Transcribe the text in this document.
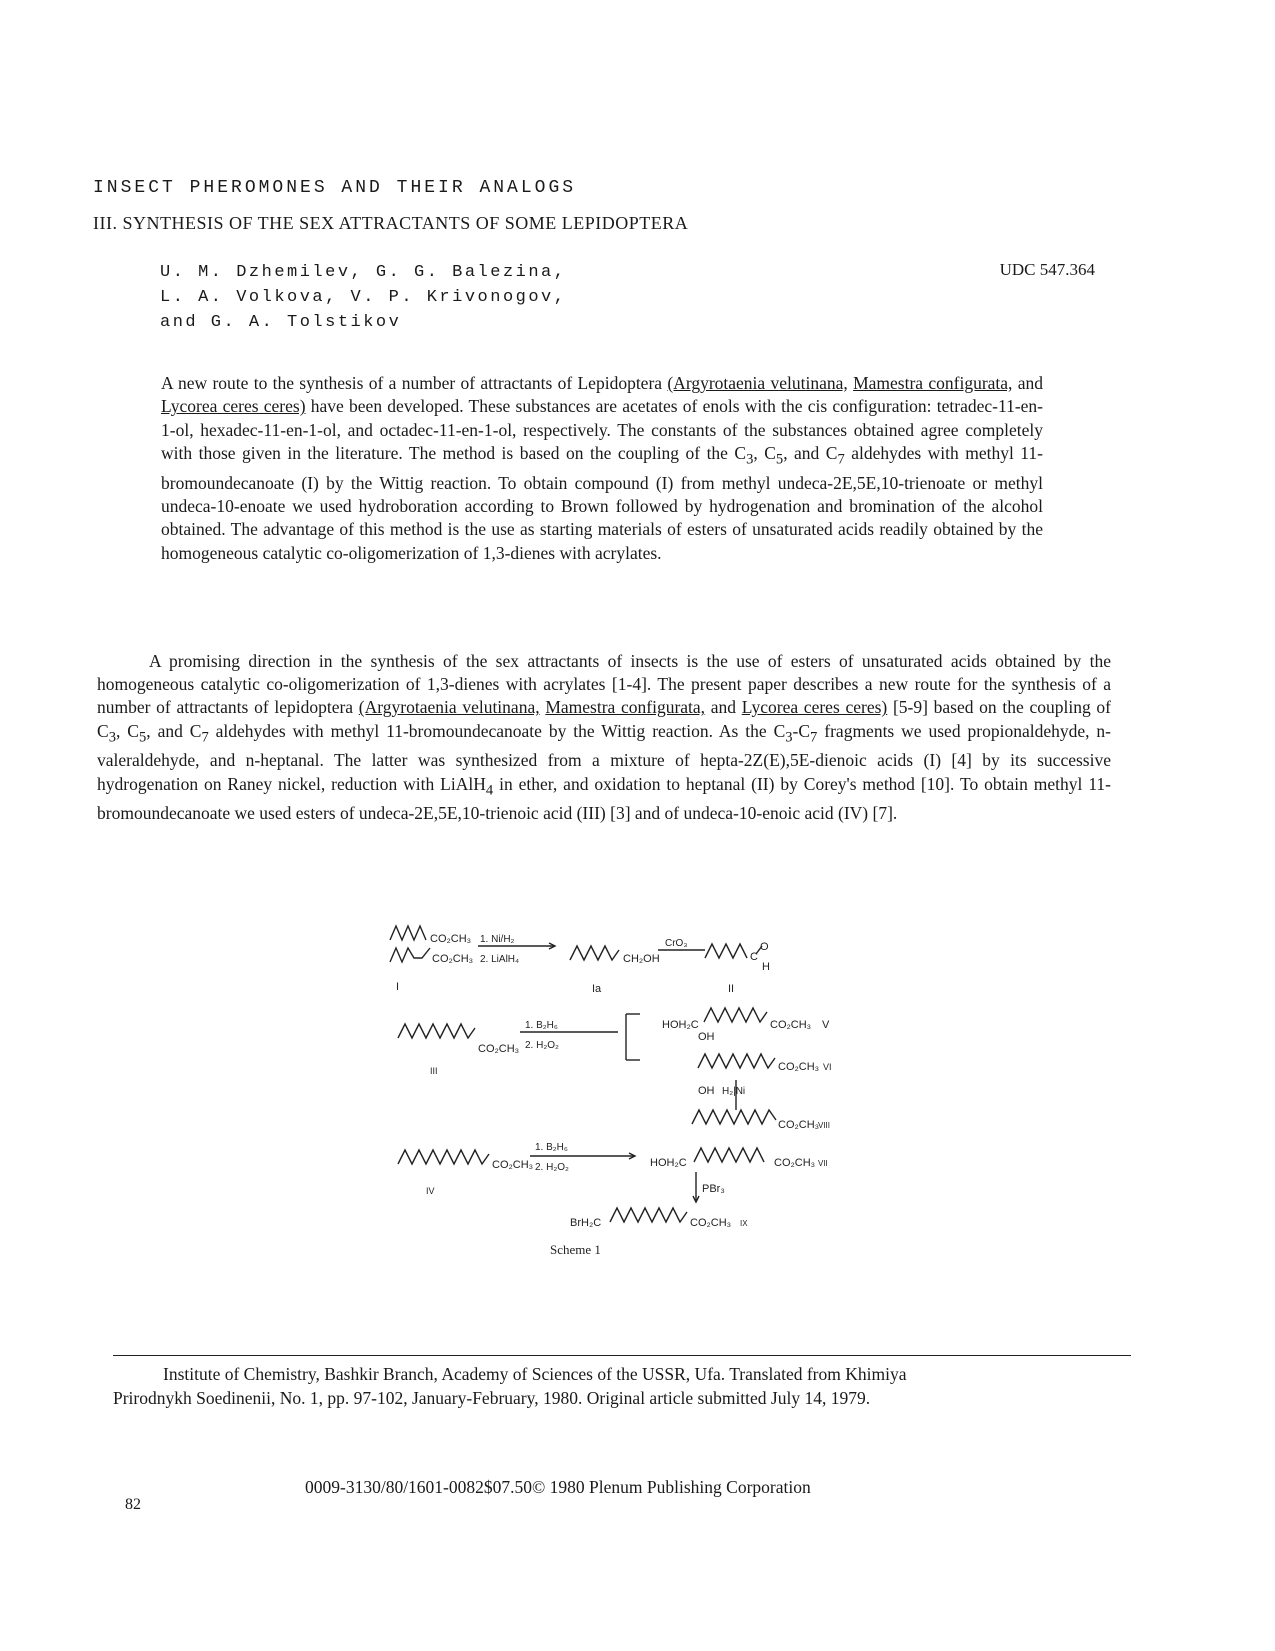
INSECT PHEROMONES AND THEIR ANALOGS
III. SYNTHESIS OF THE SEX ATTRACTANTS OF SOME LEPIDOPTERA
U. M. Dzhemilev, G. G. Balezina,
L. A. Volkova, V. P. Krivonogov,
and G. A. Tolstikov
UDC 547.364
A new route to the synthesis of a number of attractants of Lepidoptera (Argyrotaenia velutinana, Mamestra configurata, and Lycorea ceres ceres) have been developed. These substances are acetates of enols with the cis configuration: tetradec-11-en-1-ol, hexadec-11-en-1-ol, and octadec-11-en-1-ol, respectively. The constants of the substances obtained agree completely with those given in the literature. The method is based on the coupling of the $C_3$, $C_5$, and $C_7$ aldehydes with methyl 11-bromoundecanoate (I) by the Wittig reaction. To obtain compound (I) from methyl undeca-2E,5E,10-trienoate or methyl undeca-10-enoate we used hydroboration according to Brown followed by hydrogenation and bromination of the alcohol obtained. The advantage of this method is the use as starting materials of esters of unsaturated acids readily obtained by the homogeneous catalytic co-oligomerization of 1,3-dienes with acrylates.
A promising direction in the synthesis of the sex attractants of insects is the use of esters of unsaturated acids obtained by the homogeneous catalytic co-oligomerization of 1,3-dienes with acrylates [1-4]. The present paper describes a new route for the synthesis of a number of attractants of lepidoptera (Argyrotaenia velutinana, Mamestra configurata, and Lycorea ceres ceres) [5-9] based on the coupling of $C_3$, $C_5$, and $C_7$ aldehydes with methyl 11-bromoundecanoate by the Wittig reaction. As the $C_3-C_7$ fragments we used propionaldehyde, n-valeraldehyde, and n-heptanal. The latter was synthesized from a mixture of hepta-2Z(E),5E-dienoic acids (I) [4] by its successive hydrogenation on Raney nickel, reduction with LiAlH$_4$ in ether, and oxidation to heptanal (II) by Corey's method [10]. To obtain methyl 11-bromoundecanoate we used esters of undeca-2E,5E,10-trienoic acid (III) [3] and of undeca-10-enoic acid (IV) [7].
CO₂CH₃
CO₂CH₃
1. Ni/H₂
2. LiAlH₄
I
CH₂OH
Ia
CrO₃
C
O
H
II
CO₂CH₃
1. B₂H₆
2. H₂O₂
III
HOH₂C	CO₂CH₃ V
OH
CO₂CH₃ VI
OH H₂|Ni
CO₂CH₃
VIII
CO₂CH₃
1. B₂H₆
2. H₂O₂
IV
HOH₂C	CO₂CH₃ VII
PBr₃
BrH₂C	CO₂CH₃ IX
Scheme 1

Institute of Chemistry, Bashkir Branch, Academy of Sciences of the USSR, Ufa. Translated from Khimiya

Prirodnykh Soedinenii, No. 1, pp. 97-102, January-February, 1980. Original article submitted July 14, 1979.

82
0009-3130/80/1601-0082$07.50© 1980 Plenum Publishing Corporation
